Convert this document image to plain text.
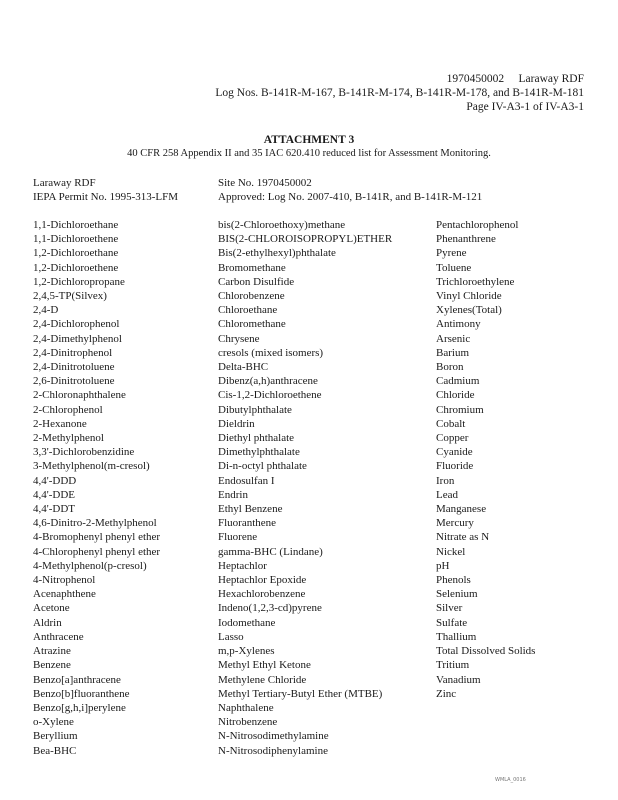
1970450002     Laraway RDF
Log Nos. B-141R-M-167, B-141R-M-174, B-141R-M-178, and B-141R-M-181
Page IV-A3-1 of IV-A3-1
ATTACHMENT 3
40 CFR 258 Appendix II and 35 IAC 620.410 reduced list for Assessment Monitoring.
Laraway RDF
IEPA Permit No. 1995-313-LFM
Site No. 1970450002
Approved: Log No. 2007-410, B-141R, and B-141R-M-121
1,1-Dichloroethane
1,1-Dichloroethene
1,2-Dichloroethane
1,2-Dichloroethene
1,2-Dichloropropane
2,4,5-TP(Silvex)
2,4-D
2,4-Dichlorophenol
2,4-Dimethylphenol
2,4-Dinitrophenol
2,4-Dinitrotoluene
2,6-Dinitrotoluene
2-Chloronaphthalene
2-Chlorophenol
2-Hexanone
2-Methylphenol
3,3'-Dichlorobenzidine
3-Methylphenol(m-cresol)
4,4'-DDD
4,4'-DDE
4,4'-DDT
4,6-Dinitro-2-Methylphenol
4-Bromophenyl phenyl ether
4-Chlorophenyl phenyl ether
4-Methylphenol(p-cresol)
4-Nitrophenol
Acenaphthene
Acetone
Aldrin
Anthracene
Atrazine
Benzene
Benzo[a]anthracene
Benzo[b]fluoranthene
Benzo[g,h,i]perylene
o-Xylene
Beryllium
Bea-BHC
bis(2-Chloroethoxy)methane
BIS(2-CHLOROISOPROPYL)ETHER
Bis(2-ethylhexyl)phthalate
Bromomethane
Carbon Disulfide
Chlorobenzene
Chloroethane
Chloromethane
Chrysene
cresols (mixed isomers)
Delta-BHC
Dibenz(a,h)anthracene
Cis-1,2-Dichloroethene
Dibutylphthalate
Dieldrin
Diethyl phthalate
Dimethylphthalate
Di-n-octyl phthalate
Endosulfan I
Endrin
Ethyl Benzene
Fluoranthene
Fluorene
gamma-BHC (Lindane)
Heptachlor
Heptachlor Epoxide
Hexachlorobenzene
Indeno(1,2,3-cd)pyrene
Iodomethane
Lasso
m,p-Xylenes
Methyl Ethyl Ketone
Methylene Chloride
Methyl Tertiary-Butyl Ether (MTBE)
Naphthalene
Nitrobenzene
N-Nitrosodimethylamine
N-Nitrosodiphenylamine
Pentachlorophenol
Phenanthrene
Pyrene
Toluene
Trichloroethylene
Vinyl Chloride
Xylenes(Total)
Antimony
Arsenic
Barium
Boron
Cadmium
Chloride
Chromium
Cobalt
Copper
Cyanide
Fluoride
Iron
Lead
Manganese
Mercury
Nitrate as N
Nickel
pH
Phenols
Selenium
Silver
Sulfate
Thallium
Total Dissolved Solids
Tritium
Vanadium
Zinc
WMLA_0016
